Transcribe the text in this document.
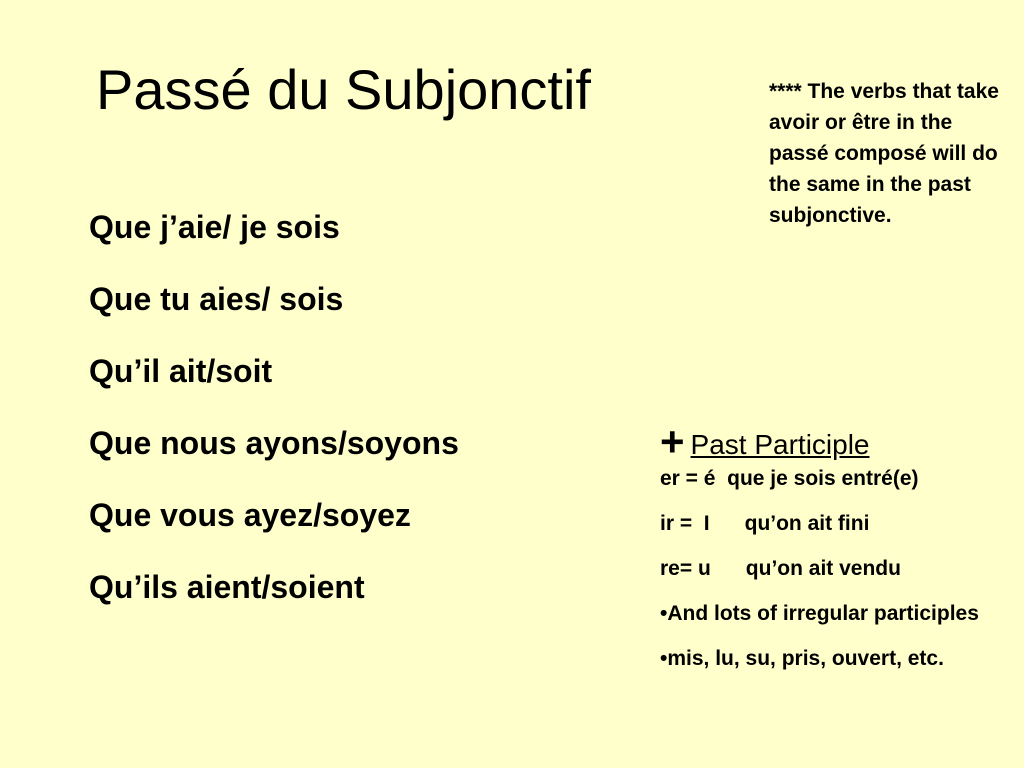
Passé du Subjonctif	**** The verbs that take avoir or être in the passé composé will do the same in the past subjonctive.

Que j’aie/ je sois
Que tu aies/ sois
Qu’il ait/soit
Que nous ayons/soyons
Que vous ayez/soyez
Qu’ils aient/soient
+ Past Participle
er = é  que je sois entré(e)
ir =  I      qu’on ait fini
re= u      qu’on ait vendu
•And lots of irregular participles
•mis, lu, su, pris, ouvert, etc.
